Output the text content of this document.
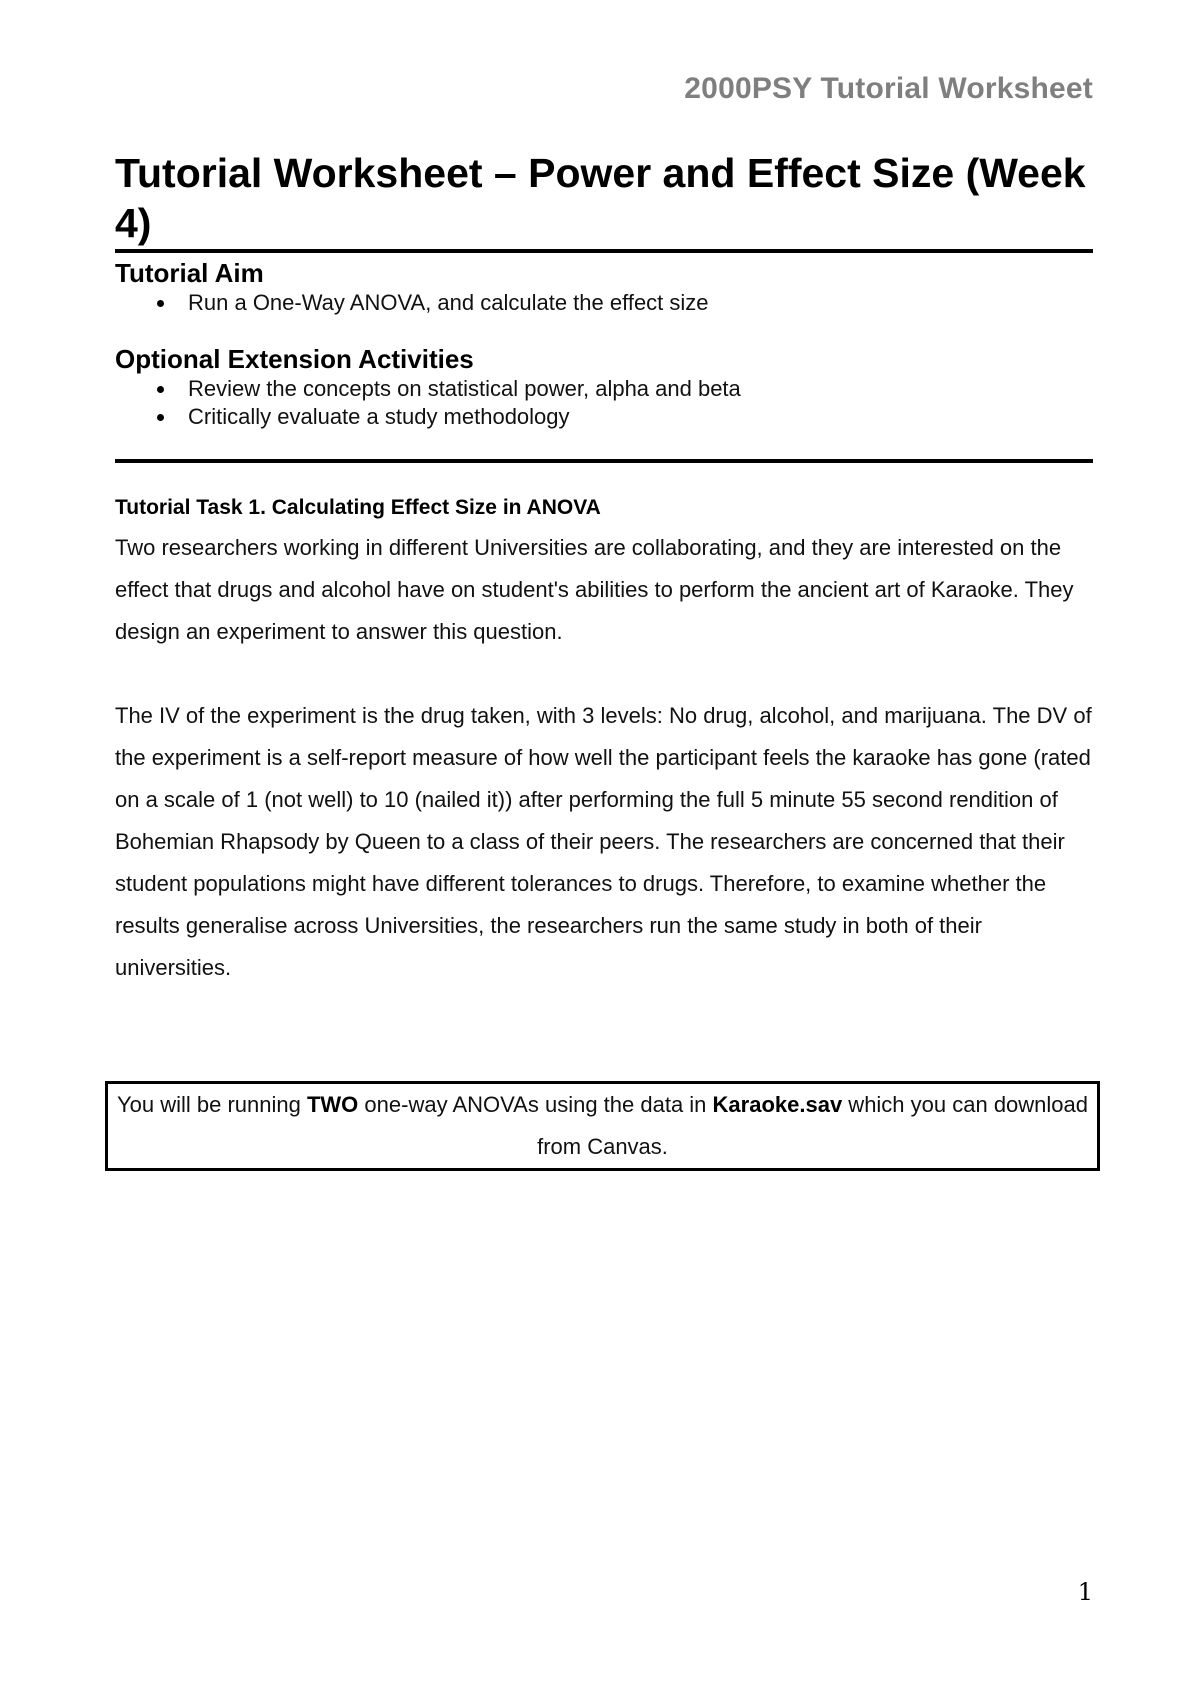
2000PSY Tutorial Worksheet
Tutorial Worksheet – Power and Effect Size (Week 4)
Tutorial Aim
Run a One-Way ANOVA, and calculate the effect size
Optional Extension Activities
Review the concepts on statistical power, alpha and beta
Critically evaluate a study methodology
Tutorial Task 1. Calculating Effect Size in ANOVA

Two researchers working in different Universities are collaborating, and they are interested on the effect that drugs and alcohol have on student's abilities to perform the ancient art of Karaoke. They design an experiment to answer this question.

The IV of the experiment is the drug taken, with 3 levels: No drug, alcohol, and marijuana. The DV of the experiment is a self-report measure of how well the participant feels the karaoke has gone (rated on a scale of 1 (not well) to 10 (nailed it)) after performing the full 5 minute 55 second rendition of Bohemian Rhapsody by Queen to a class of their peers. The researchers are concerned that their student populations might have different tolerances to drugs. Therefore, to examine whether the results generalise across Universities, the researchers run the same study in both of their universities.

You will be running TWO one-way ANOVAs using the data in Karaoke.sav which you can download from Canvas.
1
